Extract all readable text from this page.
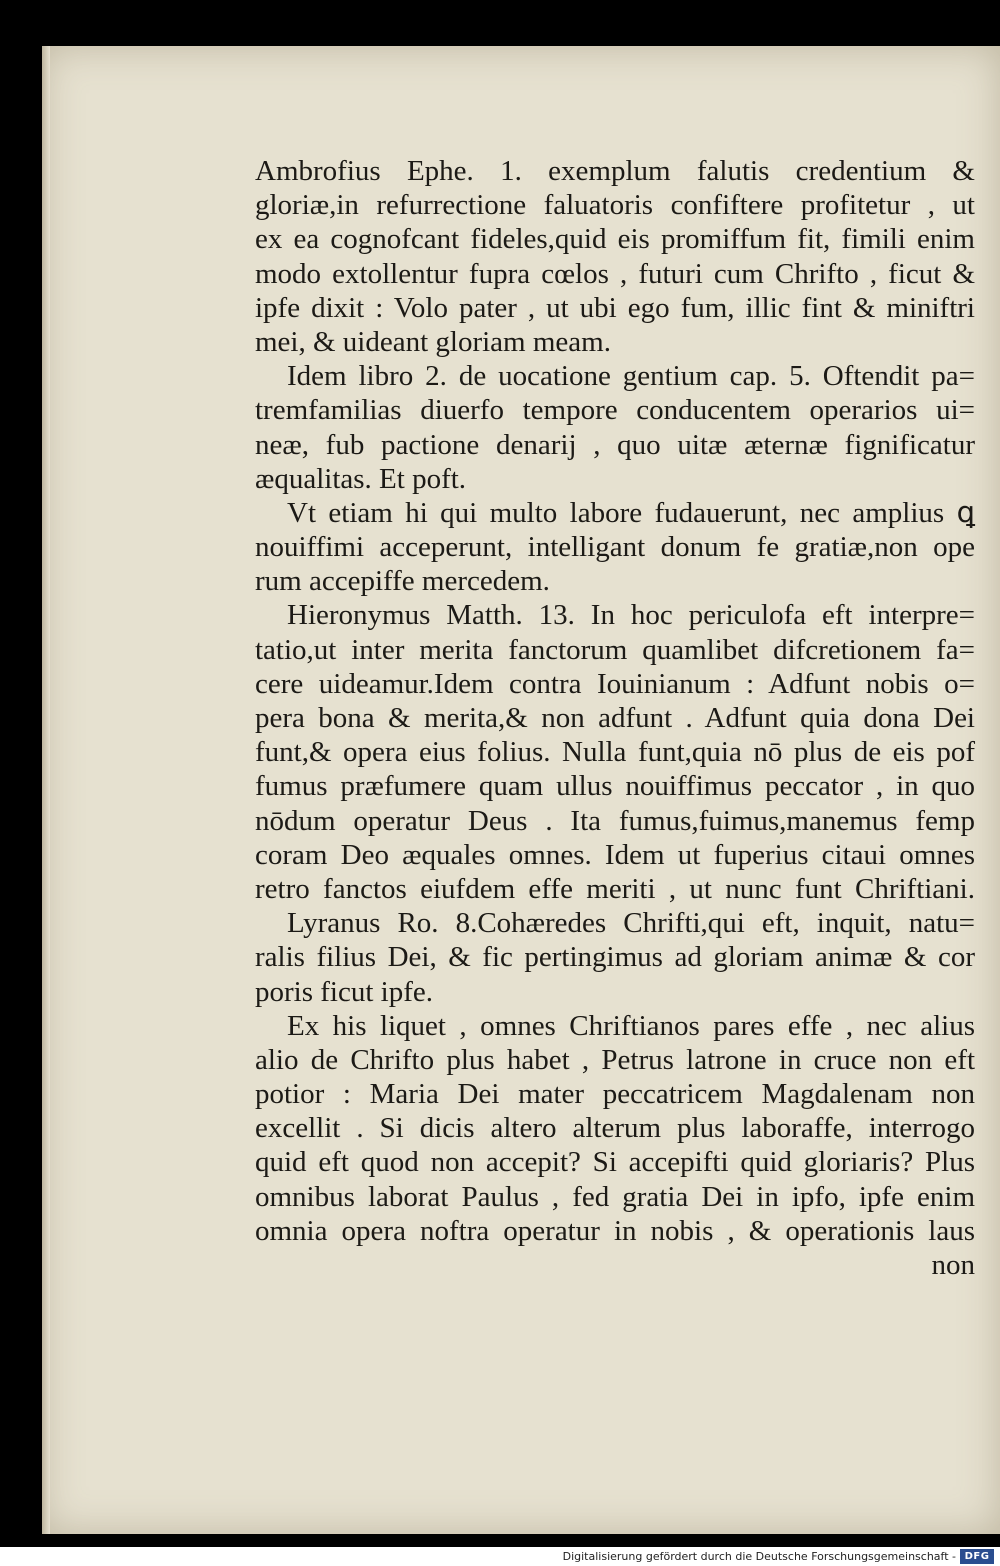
Ambrofius Ephe. 1. exemplum falutis credentium &
gloriæ,in refurrectione faluatoris confiftere profitetur , ut
ex ea cognofcant fideles,quid eis promiffum fit, fimili enim
modo extollentur fupra cœlos , futuri cum Chrifto , ficut &
ipfe dixit : Volo pater , ut ubi ego fum, illic fint & miniftri
mei, & uideant gloriam meam.
Idem libro 2. de uocatione gentium cap. 5. Oftendit pa=
tremfamilias diuerfo tempore conducentem operarios ui=
neæ, fub pactione denarij , quo uitæ æternæ fignificatur
æqualitas. Et poft.
Vt etiam hi qui multo labore fudauerunt, nec amplius ꝗ
nouiffimi acceperunt, intelligant donum fe gratiæ,non ope
rum accepiffe mercedem.
Hieronymus Matth. 13. In hoc periculofa eft interpre=
tatio,ut inter merita fanctorum quamlibet difcretionem fa=
cere uideamur.Idem contra Iouinianum : Adfunt nobis o=
pera bona & merita,& non adfunt . Adfunt quia dona Dei
funt,& opera eius folius. Nulla funt,quia nō plus de eis pof
fumus præfumere quam ullus nouiffimus peccator , in quo
nōdum operatur Deus . Ita fumus,fuimus,manemus femp
coram Deo æquales omnes. Idem ut fuperius citaui omnes
retro fanctos eiufdem effe meriti , ut nunc funt Chriftiani.
Lyranus Ro. 8.Cohæredes Chrifti,qui eft, inquit, natu=
ralis filius Dei, & fic pertingimus ad gloriam animæ & cor
poris ficut ipfe.
Ex his liquet , omnes Chriftianos pares effe , nec alius
alio de Chrifto plus habet , Petrus latrone in cruce non eft
potior : Maria Dei mater peccatricem Magdalenam non
excellit . Si dicis altero alterum plus laboraffe, interrogo
quid eft quod non accepit? Si accepifti quid gloriaris? Plus
omnibus laborat Paulus , fed gratia Dei in ipfo, ipfe enim
omnia opera noftra operatur in nobis , & operationis laus
non
Digitalisierung gefördert durch die Deutsche Forschungsgemeinschaft - DFG
